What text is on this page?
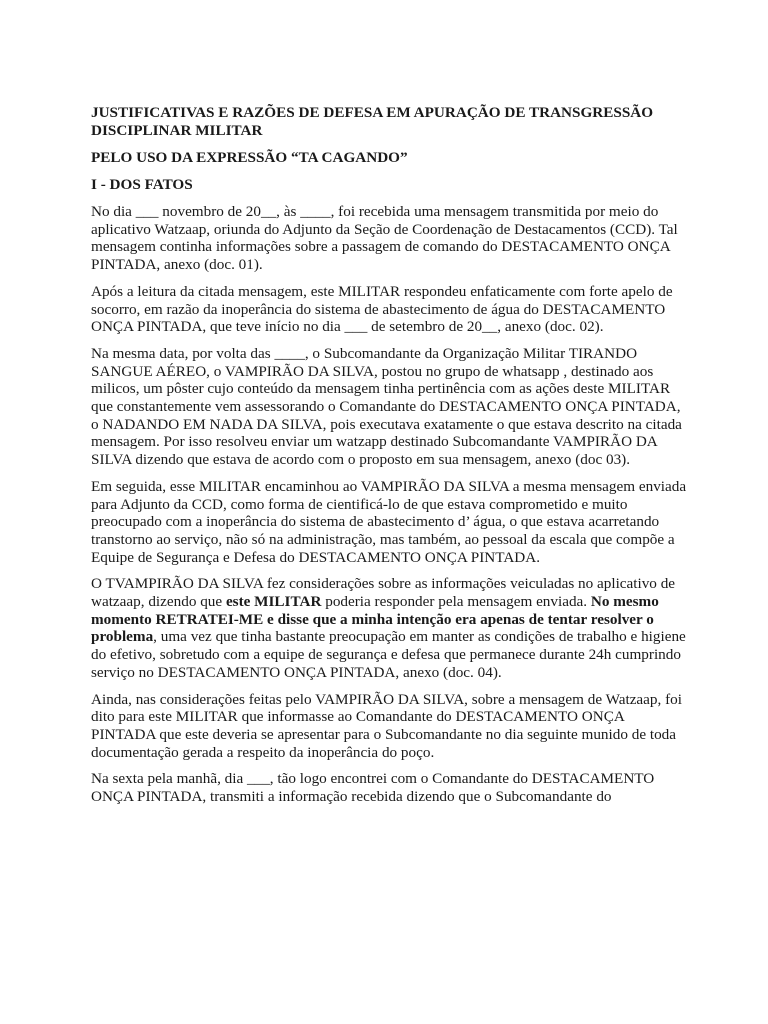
JUSTIFICATIVAS E RAZÕES DE DEFESA EM APURAÇÃO DE TRANSGRESSÃO DISCIPLINAR MILITAR
PELO USO DA EXPRESSÃO “TA CAGANDO”
I - DOS FATOS

No dia ___ novembro de 20__, às ____, foi recebida uma mensagem transmitida por meio do aplicativo Watzaap, oriunda do Adjunto da Seção de Coordenação de Destacamentos (CCD). Tal mensagem continha informações sobre a passagem de comando do DESTACAMENTO ONÇA PINTADA, anexo (doc. 01).

Após a leitura da citada mensagem, este MILITAR respondeu enfaticamente com forte apelo de socorro, em razão da inoperância do sistema de abastecimento de água do DESTACAMENTO ONÇA PINTADA, que teve início no dia ___ de setembro de 20__, anexo (doc. 02).

Na mesma data, por volta das ____, o Subcomandante da Organização Militar TIRANDO SANGUE AÉREO, o VAMPIRÃO DA SILVA, postou no grupo de whatsapp , destinado aos milicos, um pôster cujo conteúdo da mensagem tinha pertinência com as ações deste MILITAR que constantemente vem assessorando o Comandante do DESTACAMENTO ONÇA PINTADA, o NADANDO EM NADA DA SILVA, pois executava exatamente o que estava descrito na citada mensagem. Por isso resolveu enviar um watzapp destinado Subcomandante VAMPIRÃO DA SILVA dizendo que estava de acordo com o proposto em sua mensagem, anexo (doc 03).

Em seguida, esse MILITAR encaminhou ao VAMPIRÃO DA SILVA a mesma mensagem enviada para Adjunto da CCD, como forma de cientificá-lo de que estava comprometido e muito preocupado com a inoperância do sistema de abastecimento d’ água, o que estava acarretando transtorno ao serviço, não só na administração, mas também, ao pessoal da escala que compõe a Equipe de Segurança e Defesa do DESTACAMENTO ONÇA PINTADA.

O TVAMPIRÃO DA SILVA fez considerações sobre as informações veiculadas no aplicativo de watzaap, dizendo que este MILITAR poderia responder pela mensagem enviada. No mesmo momento RETRATEI-ME e disse que a minha intenção era apenas de tentar resolver o problema, uma vez que tinha bastante preocupação em manter as condições de trabalho e higiene do efetivo, sobretudo com a equipe de segurança e defesa que permanece durante 24h cumprindo serviço no DESTACAMENTO ONÇA PINTADA, anexo (doc. 04).

Ainda, nas considerações feitas pelo VAMPIRÃO DA SILVA, sobre a mensagem de Watzaap, foi dito para este MILITAR que informasse ao Comandante do DESTACAMENTO ONÇA PINTADA que este deveria se apresentar para o Subcomandante no dia seguinte munido de toda documentação gerada a respeito da inoperância do poço.

Na sexta pela manhã, dia ___, tão logo encontrei com o Comandante do DESTACAMENTO ONÇA PINTADA, transmiti a informação recebida dizendo que o Subcomandante do
